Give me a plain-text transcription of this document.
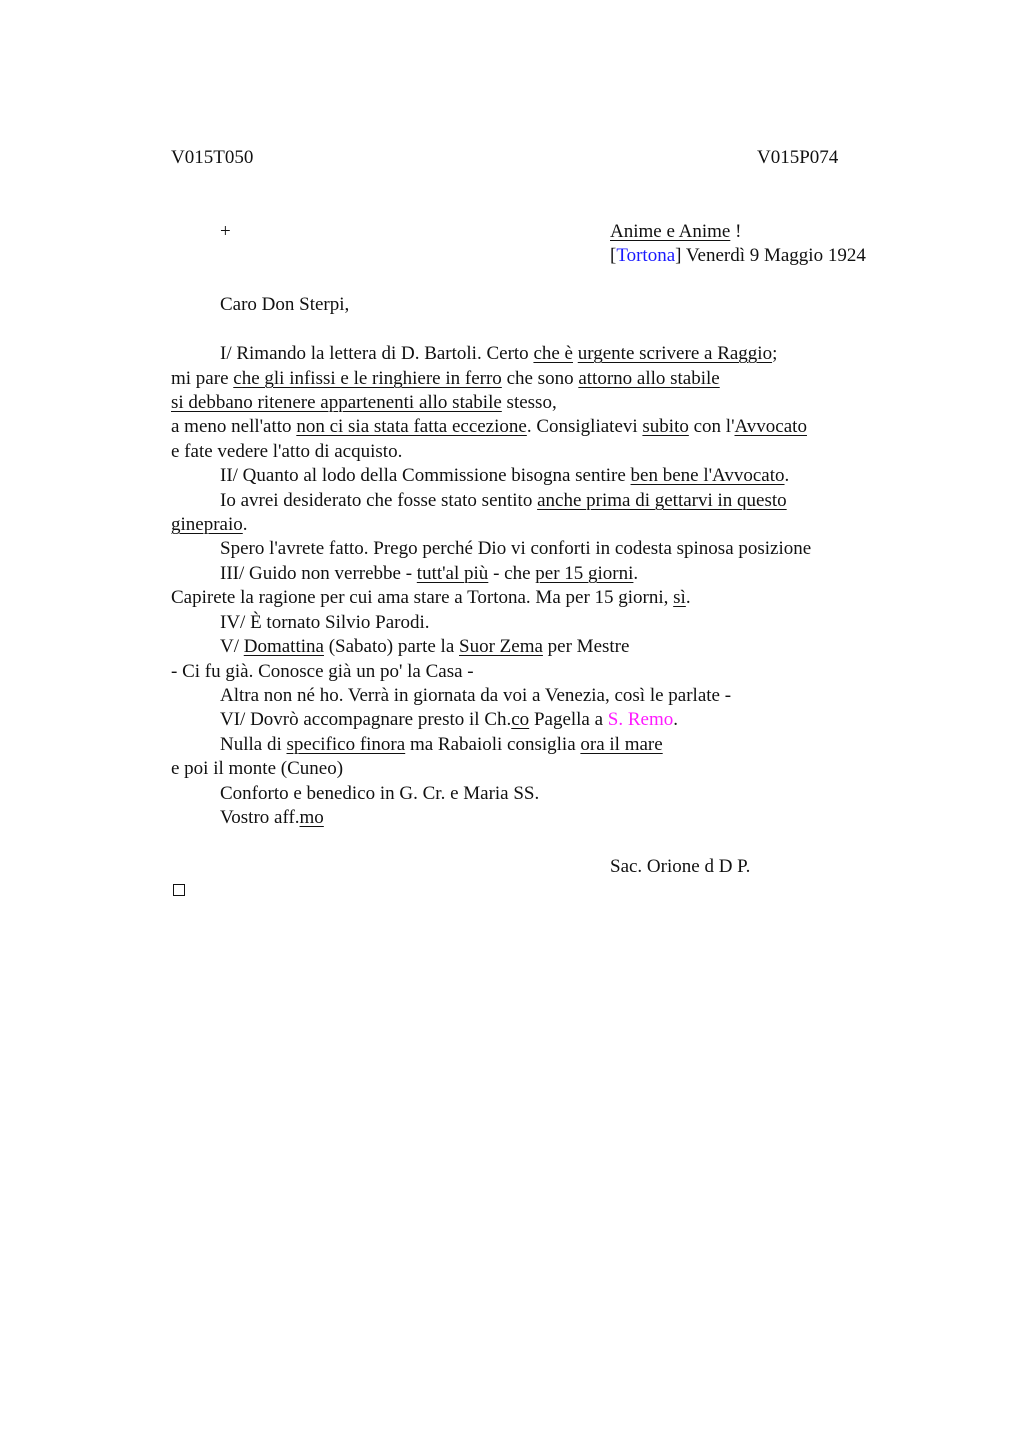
V015T050	V015P074
+	Anime e Anime !
[Tortona] Venerdì 9 Maggio 1924
Caro Don Sterpi,
I/ Rimando la lettera di D. Bartoli. Certo che è urgente scrivere a Raggio;
mi pare che gli infissi e le ringhiere in ferro che sono attorno allo stabile
si debbano ritenere appartenenti allo stabile stesso,
a meno nell'atto non ci sia stata fatta eccezione. Consigliatevi subito con l'Avvocato
e fate vedere l'atto di acquisto.
II/ Quanto al lodo della Commissione bisogna sentire ben bene l'Avvocato.
Io avrei desiderato che fosse stato sentito anche prima di gettarvi in questo
ginepraio.
Spero l'avrete fatto. Prego perché Dio vi conforti in codesta spinosa posizione
III/ Guido non verrebbe - tutt'al più - che per 15 giorni.
Capirete la ragione per cui ama stare a Tortona. Ma per 15 giorni, sì.
IV/ È tornato Silvio Parodi.
V/ Domattina (Sabato) parte la Suor Zema per Mestre
- Ci fu già. Conosce già un po' la Casa -
Altra non né ho. Verrà in giornata da voi a Venezia, così le parlate -
VI/ Dovrò accompagnare presto il Ch.co Pagella a S. Remo.
Nulla di specifico finora ma Rabaioli consiglia ora il mare
e poi il monte (Cuneo)
Conforto e benedico in G. Cr. e Maria SS.
Vostro aff.mo
Sac. Orione d D P.
